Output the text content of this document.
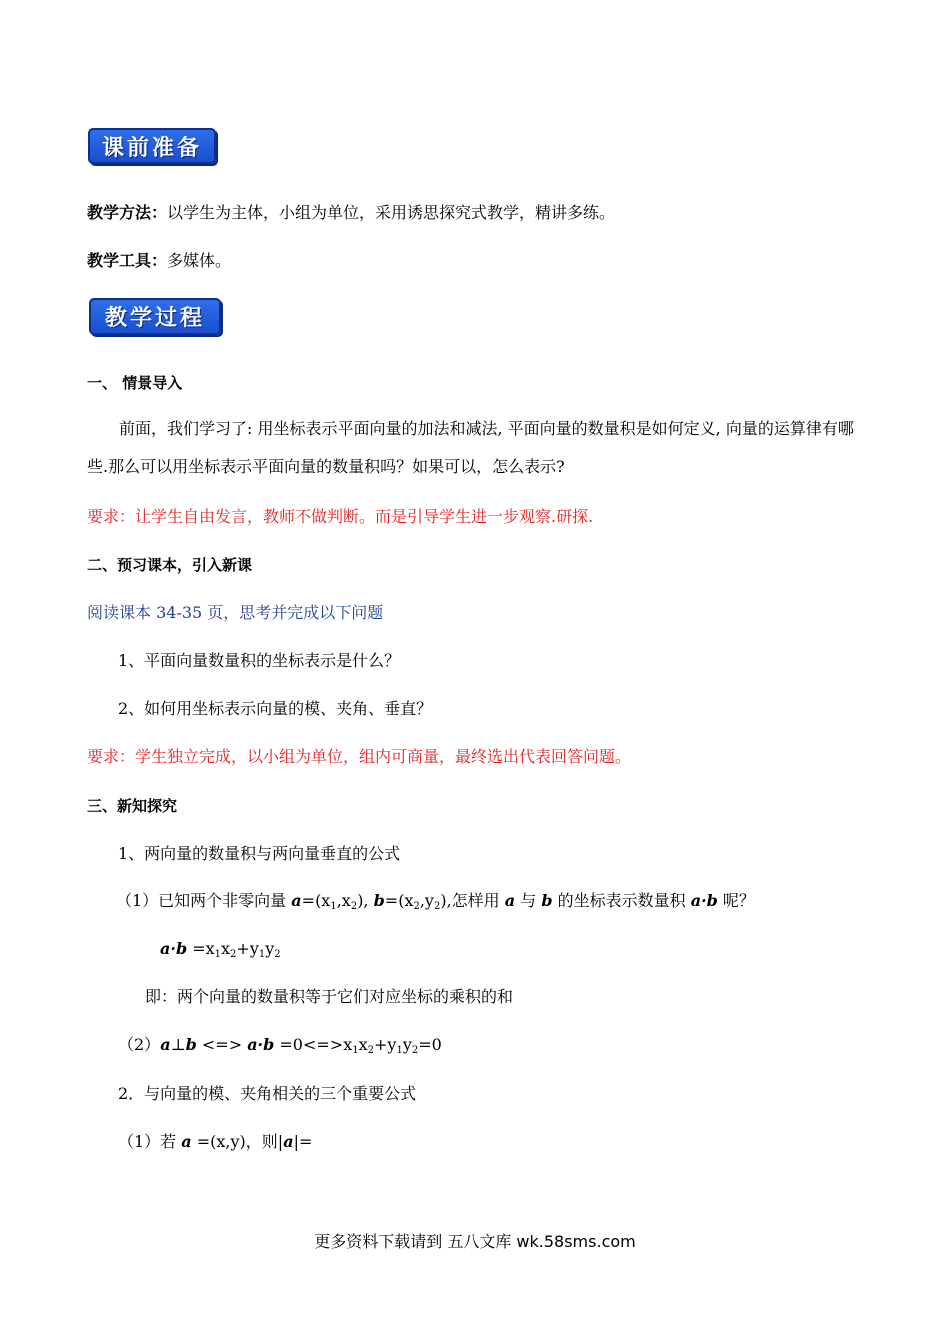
课前准备
教学方法：以学生为主体，小组为单位，采用诱思探究式教学，精讲多练。
教学工具：多媒体。
教学过程
一、 情景导入
前面，我们学习了: 用坐标表示平面向量的加法和减法, 平面向量的数量积是如何定义, 向量的运算律有哪些.那么可以用坐标表示平面向量的数量积吗？如果可以，怎么表示?
要求：让学生自由发言，教师不做判断。而是引导学生进一步观察.研探.
二、预习课本，引入新课
阅读课本 34-35 页，思考并完成以下问题
1、平面向量数量积的坐标表示是什么？
2、如何用坐标表示向量的模、夹角、垂直？
要求：学生独立完成，以小组为单位，组内可商量，最终选出代表回答问题。
三、新知探究
1、两向量的数量积与两向量垂直的公式
（1）已知两个非零向量 $a=(x_1,x_2)$, $b=(x_2,y_2)$,怎样用 a 与 b 的坐标表示数量积 a·b 呢？
$a\cdot b =x_1x_2+y_1y_2$
即：两个向量的数量积等于它们对应坐标的乘积的和
（2）a⊥b <=> $a\cdot b =0<=>x_1x_2+y_1y_2=0$
2．与向量的模、夹角相关的三个重要公式
（1）若 a =(x,y)，则|a|=
更多资料下载请到 五八文库 wk.58sms.com
